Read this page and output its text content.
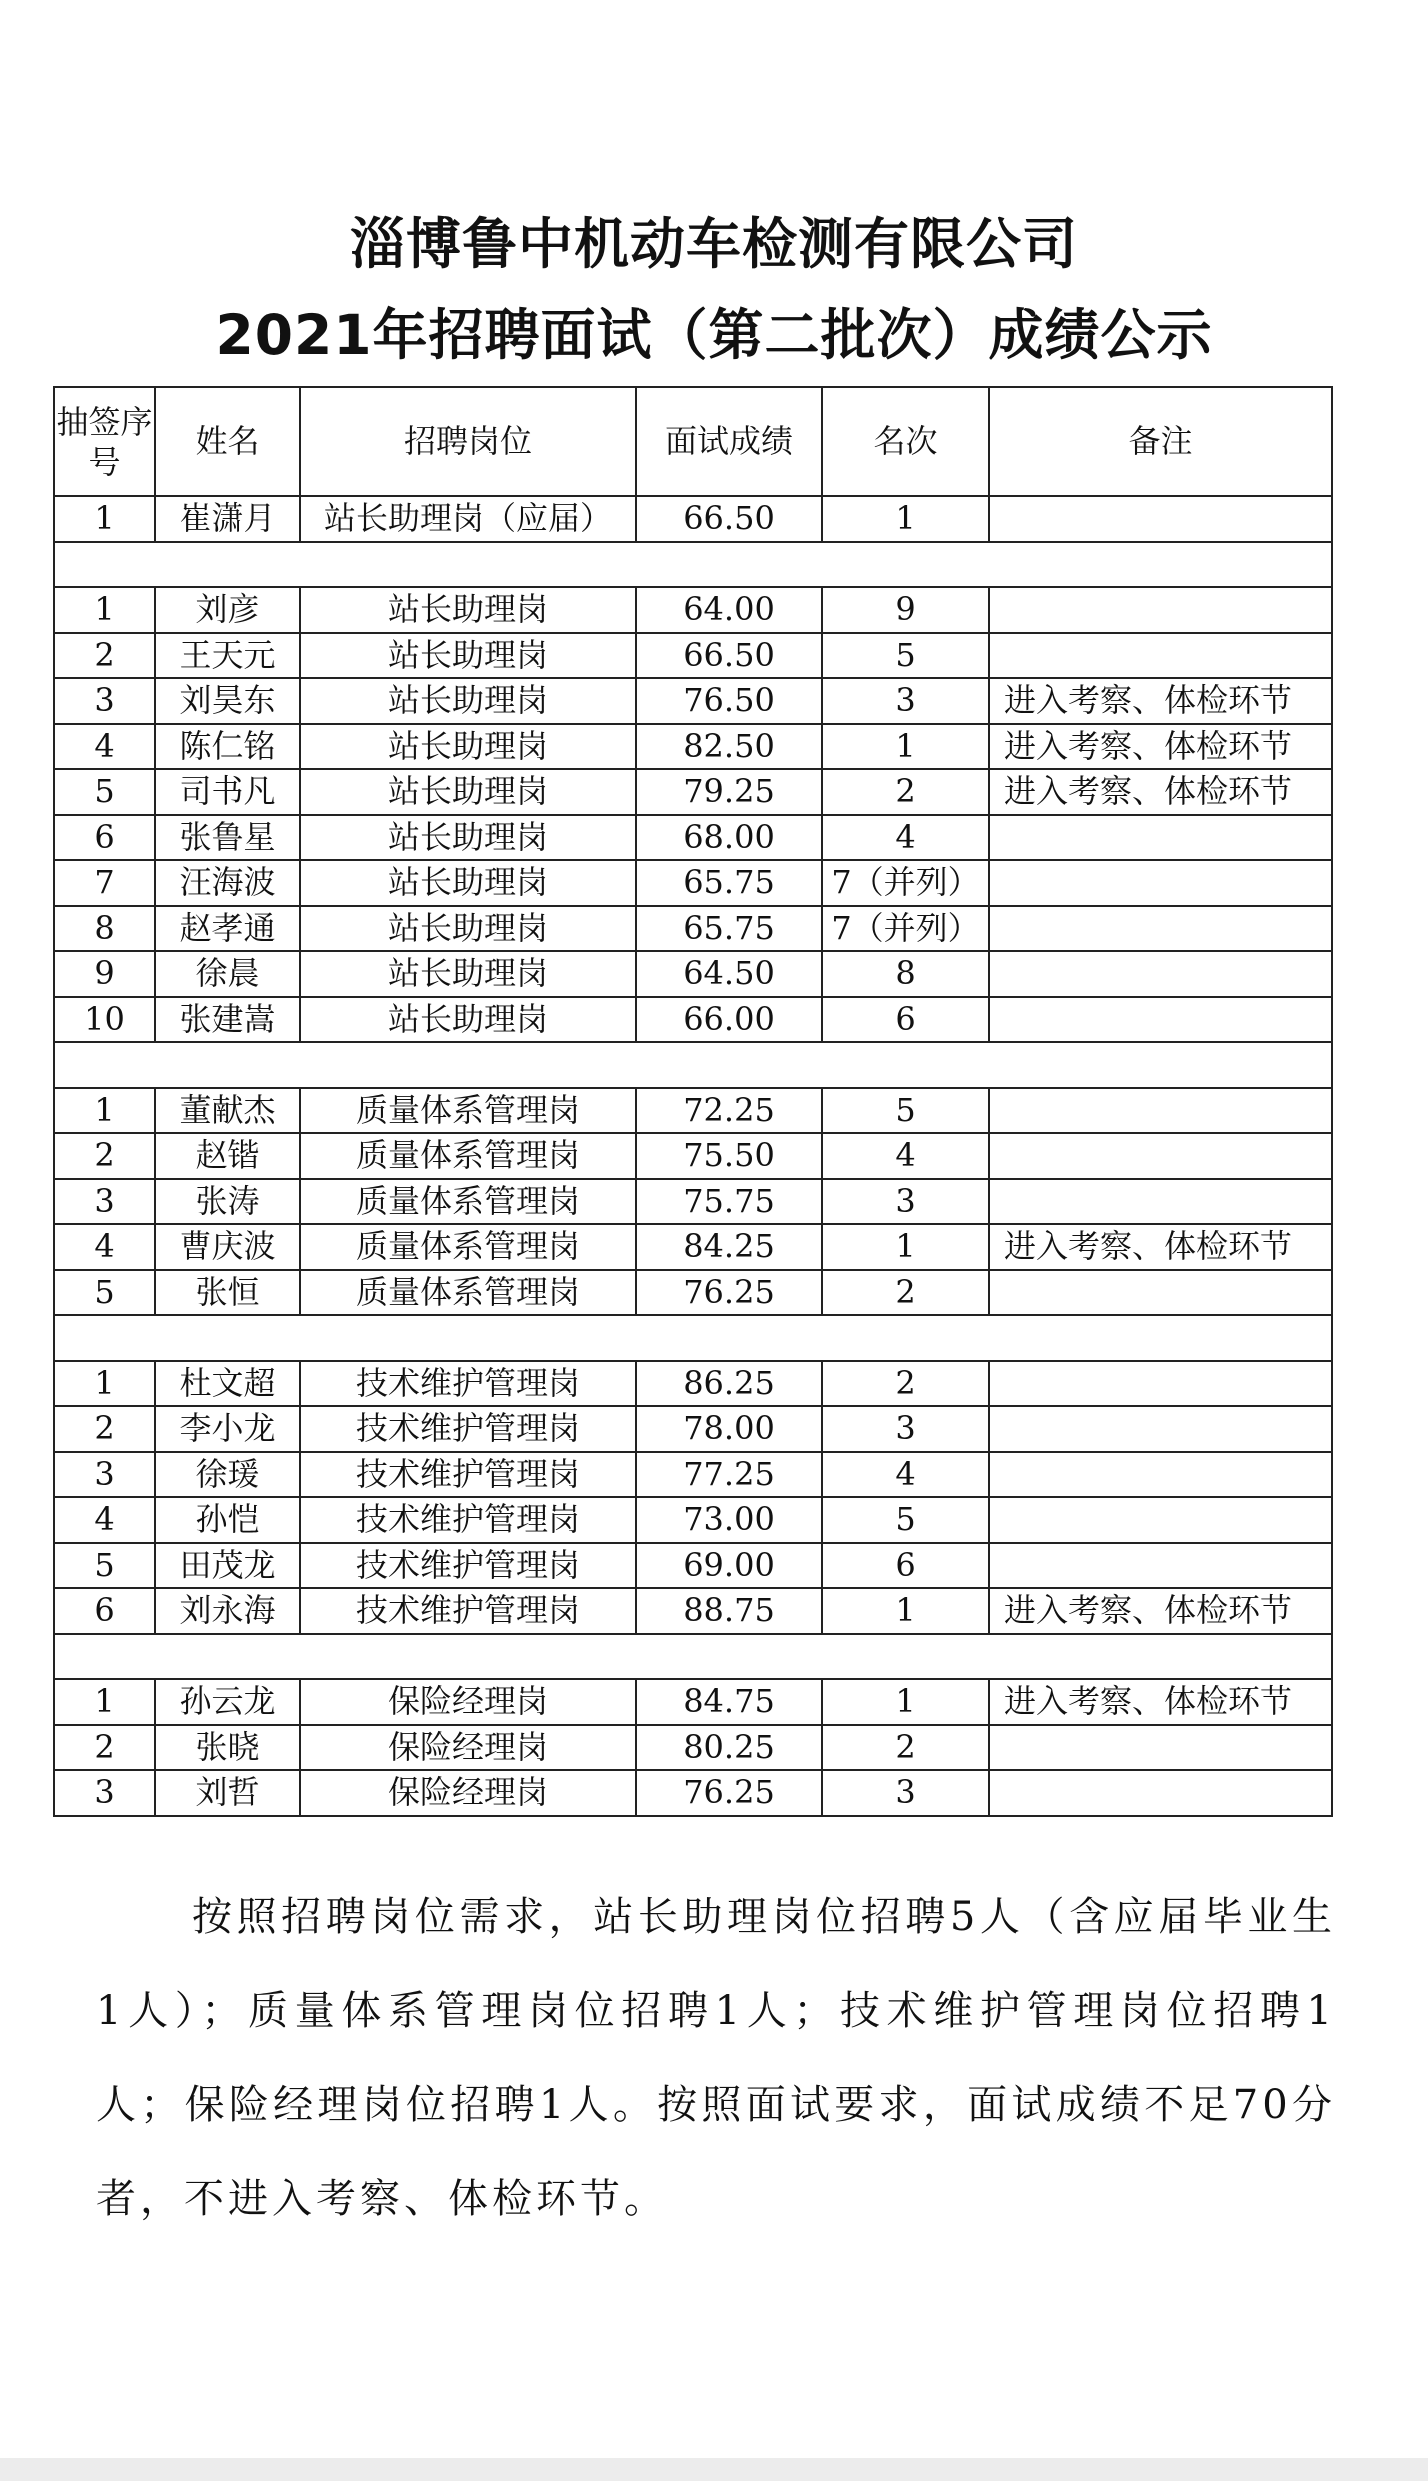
淄博鲁中机动车检测有限公司
2021年招聘面试（第二批次）成绩公示
抽签序号	姓名	招聘岗位	面试成绩	名次	备注
1	崔潇月	站长助理岗（应届）	66.50	1	

1	刘彦	站长助理岗	64.00	9	
2	王天元	站长助理岗	66.50	5	
3	刘昊东	站长助理岗	76.50	3	进入考察、体检环节
4	陈仁铭	站长助理岗	82.50	1	进入考察、体检环节
5	司书凡	站长助理岗	79.25	2	进入考察、体检环节
6	张鲁星	站长助理岗	68.00	4	
7	汪海波	站长助理岗	65.75	7（并列）	
8	赵孝通	站长助理岗	65.75	7（并列）	
9	徐晨	站长助理岗	64.50	8	
10	张建嵩	站长助理岗	66.00	6	

1	董献杰	质量体系管理岗	72.25	5	
2	赵锴	质量体系管理岗	75.50	4	
3	张涛	质量体系管理岗	75.75	3	
4	曹庆波	质量体系管理岗	84.25	1	进入考察、体检环节
5	张恒	质量体系管理岗	76.25	2	

1	杜文超	技术维护管理岗	86.25	2	
2	李小龙	技术维护管理岗	78.00	3	
3	徐瑗	技术维护管理岗	77.25	4	
4	孙恺	技术维护管理岗	73.00	5	
5	田茂龙	技术维护管理岗	69.00	6	
6	刘永海	技术维护管理岗	88.75	1	进入考察、体检环节

1	孙云龙	保险经理岗	84.75	1	进入考察、体检环节
2	张晓	保险经理岗	80.25	2	
3	刘哲	保险经理岗	76.25	3	
按照招聘岗位需求，站长助理岗位招聘5人（含应届毕业生1人）；质量体系管理岗位招聘1人；技术维护管理岗位招聘1人；保险经理岗位招聘1人。按照面试要求，面试成绩不足70分者，不进入考察、体检环节。
